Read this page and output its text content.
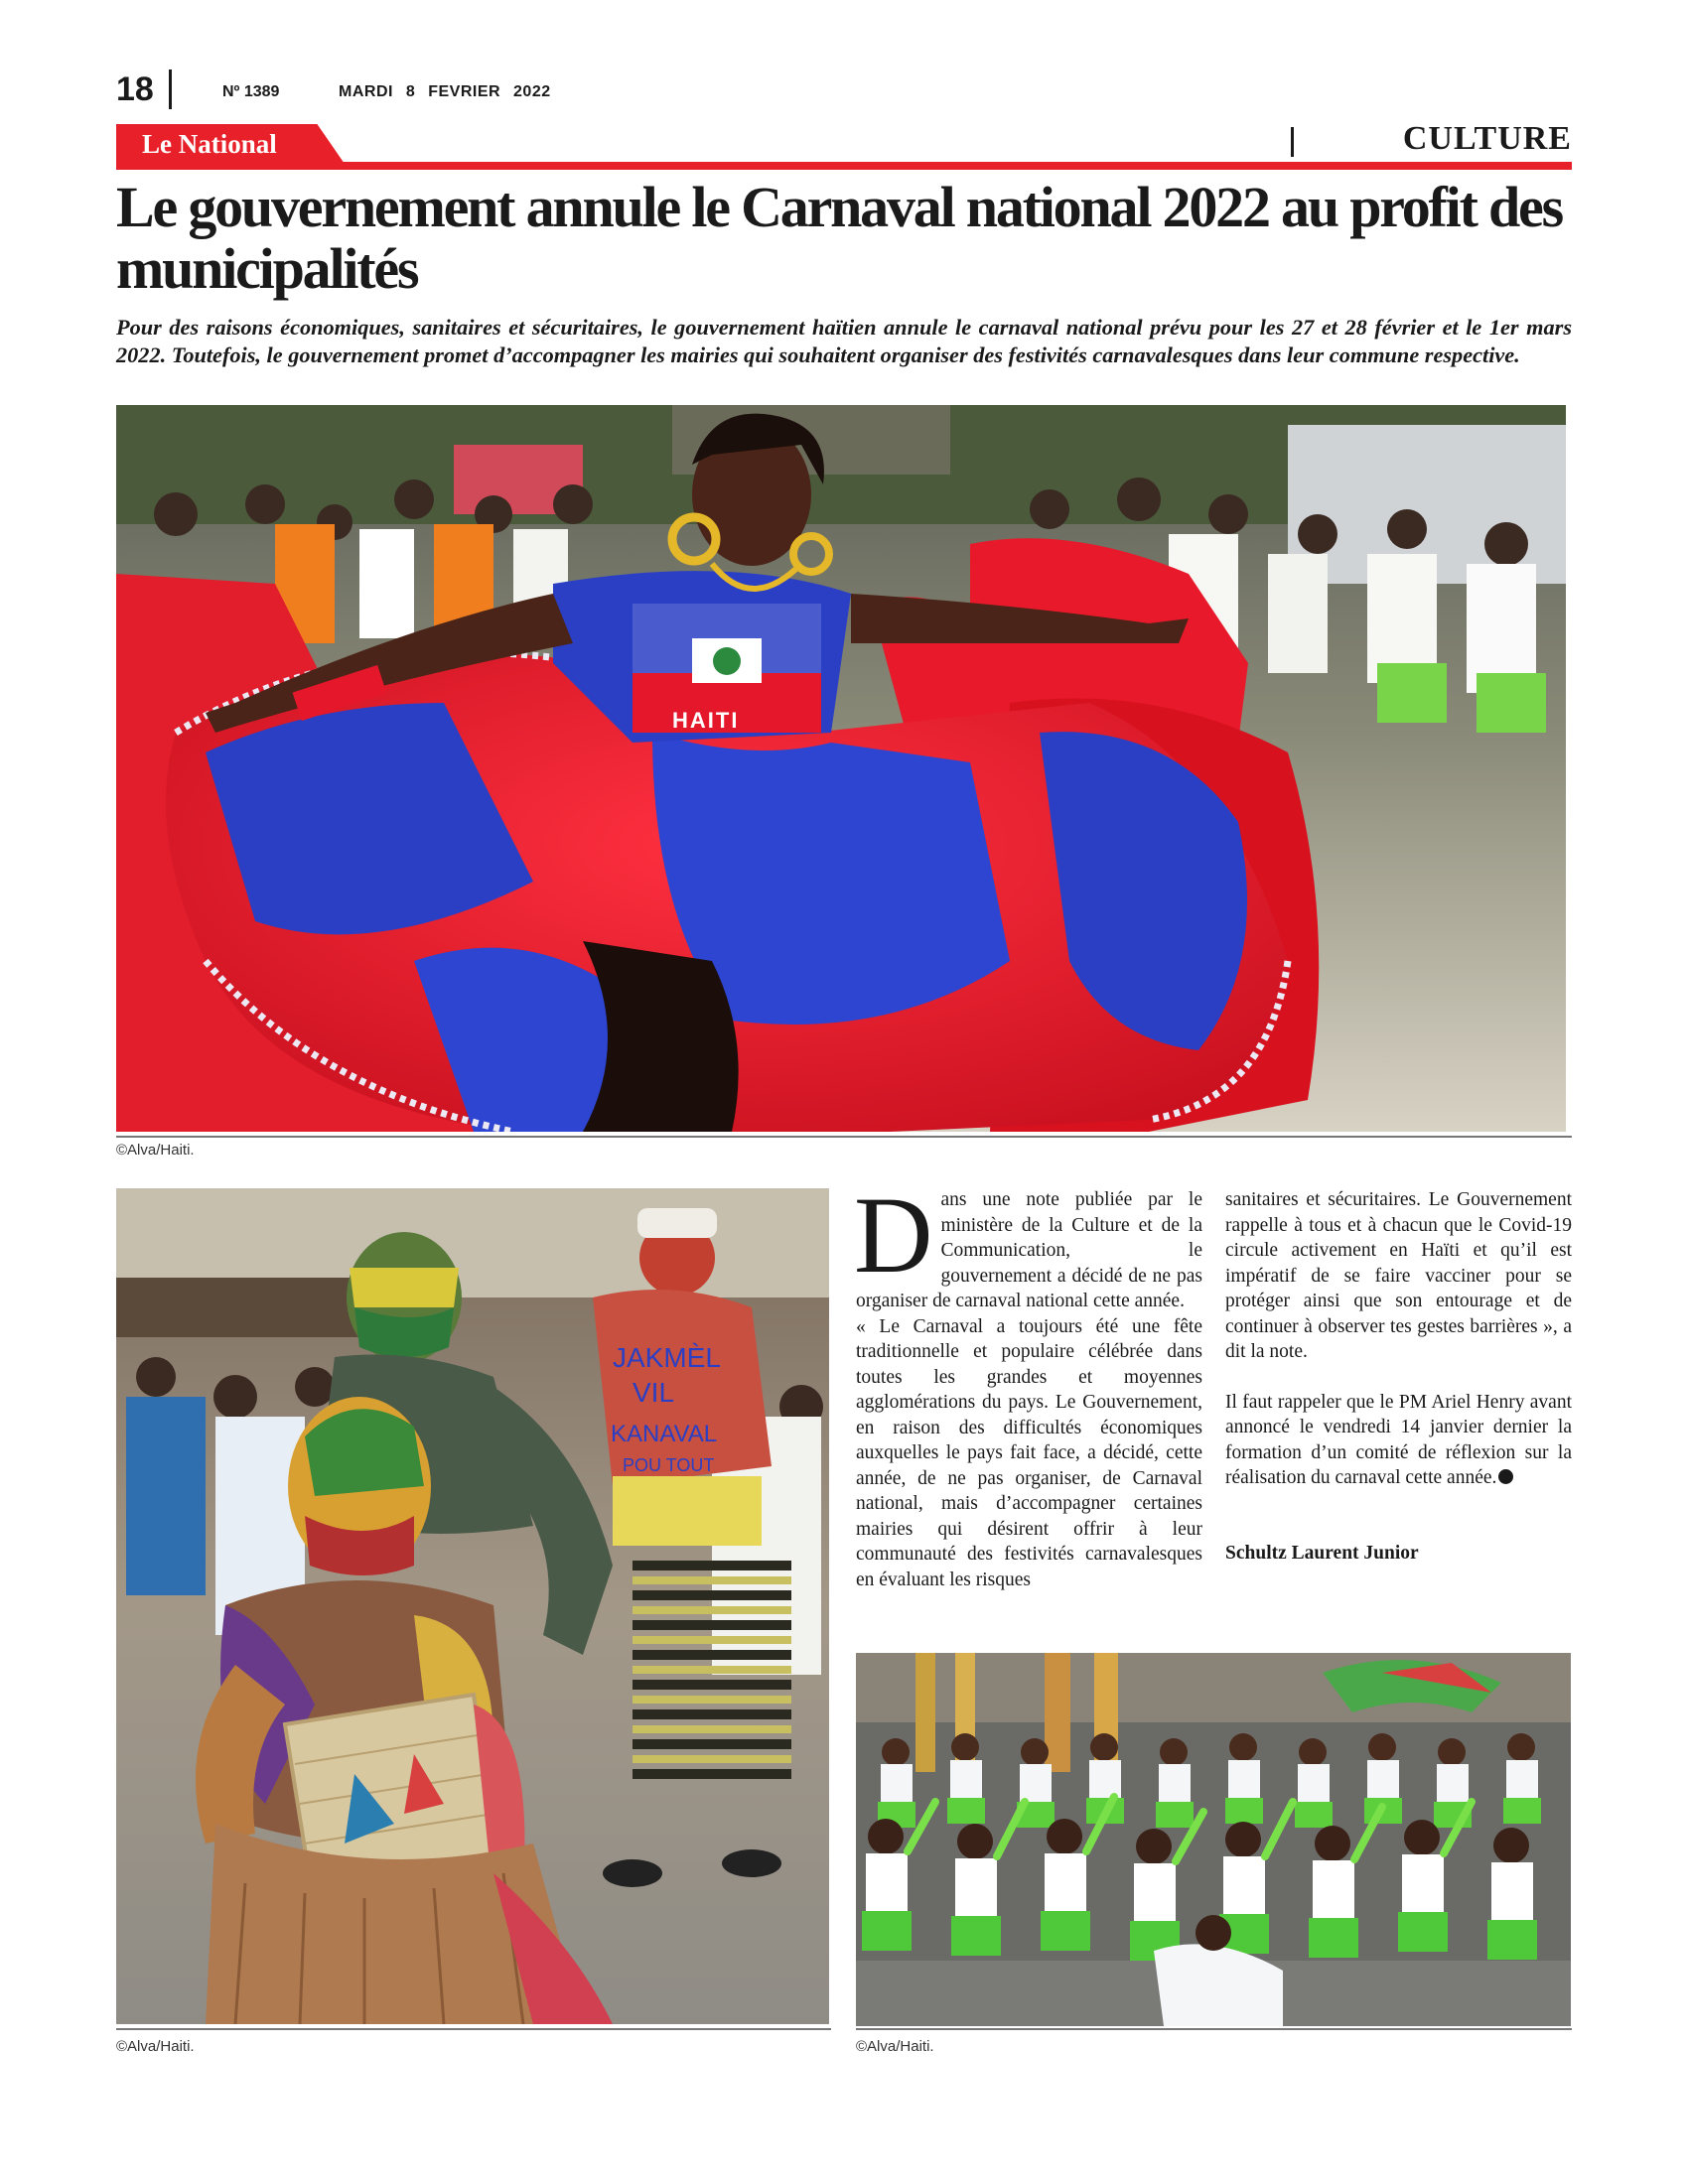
18	Nº 1389	MARDI 8 FEVRIER 2022
Le National	CULTURE
Le gouvernement annule le Carnaval national 2022 au profit des municipalités

Pour des raisons économiques, sanitaires et sécuritaires, le gouvernement haïtien annule le carnaval national prévu pour les 27 et 28 février et le 1er mars 2022. Toutefois, le gouvernement promet d’accompagner les mairies qui souhaitent organiser des festivités carnavalesques dans leur commune respective.

HAITI
©Alva/Haiti.
JAKMÈL
VIL
KANAVAL
POU TOUT
©Alva/Haiti.

Dans une note publiée par le ministère de la Culture et de la Communication, le gouvernement a décidé de ne pas organiser de carnaval national cette année.

« Le Carnaval a toujours été une fête traditionnelle et populaire célébrée dans toutes les grandes et moyennes agglomérations du pays. Le Gouvernement, en raison des difficultés économiques auxquelles le pays fait face, a décidé, cette année, de ne pas organiser, de Carnaval national, mais d’accompagner certaines mairies qui désirent offrir à leur communauté des festivités carnavalesques en évaluant les risques

sanitaires et sécuritaires. Le Gouvernement rappelle à tous et à chacun que le Covid-19 circule activement en Haïti et qu’il est impératif de se faire vacciner pour se protéger ainsi que son entourage et de continuer à observer tes gestes barrières », a dit la note.

Il faut rappeler que le PM Ariel Henry avant annoncé le vendredi 14 janvier dernier la formation d’un comité de réflexion sur la réalisation du carnaval cette année.

Schultz Laurent Junior

©Alva/Haiti.
